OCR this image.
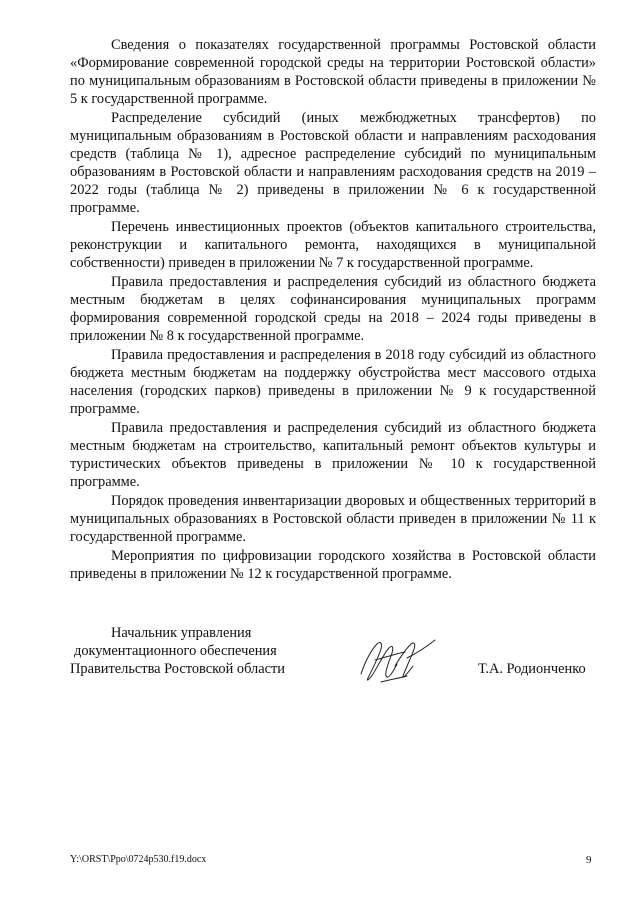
Сведения о показателях государственной программы Ростовской области «Формирование современной городской среды на территории Ростовской области» по муниципальным образованиям в Ростовской области приведены в приложении № 5 к государственной программе.

Распределение субсидий (иных межбюджетных трансфертов) по муниципальным образованиям в Ростовской области и направлениям расходования средств (таблица № 1), адресное распределение субсидий по муниципальным образованиям в Ростовской области и направлениям расходования средств на 2019 – 2022 годы (таблица № 2) приведены в приложении № 6 к государственной программе.

Перечень инвестиционных проектов (объектов капитального строительства, реконструкции и капитального ремонта, находящихся в муниципальной собственности) приведен в приложении № 7 к государственной программе.

Правила предоставления и распределения субсидий из областного бюджета местным бюджетам в целях софинансирования муниципальных программ формирования современной городской среды на 2018 – 2024 годы приведены в приложении № 8 к государственной программе.

Правила предоставления и распределения в 2018 году субсидий из областного бюджета местным бюджетам на поддержку обустройства мест массового отдыха населения (городских парков) приведены в приложении № 9 к государственной программе.

Правила предоставления и распределения субсидий из областного бюджета местным бюджетам на строительство, капитальный ремонт объектов культуры и туристических объектов приведены в приложении № 10 к государственной программе.

Порядок проведения инвентаризации дворовых и общественных территорий в муниципальных образованиях в Ростовской области приведен в приложении № 11 к государственной программе.

Мероприятия по цифровизации городского хозяйства в Ростовской области приведены в приложении № 12 к государственной программе.

Начальник управления
документационного обеспечения
Правительства Ростовской области	Т.А. Родионченко
Y:\ORST\Ppo\0724p530.f19.docx	9
